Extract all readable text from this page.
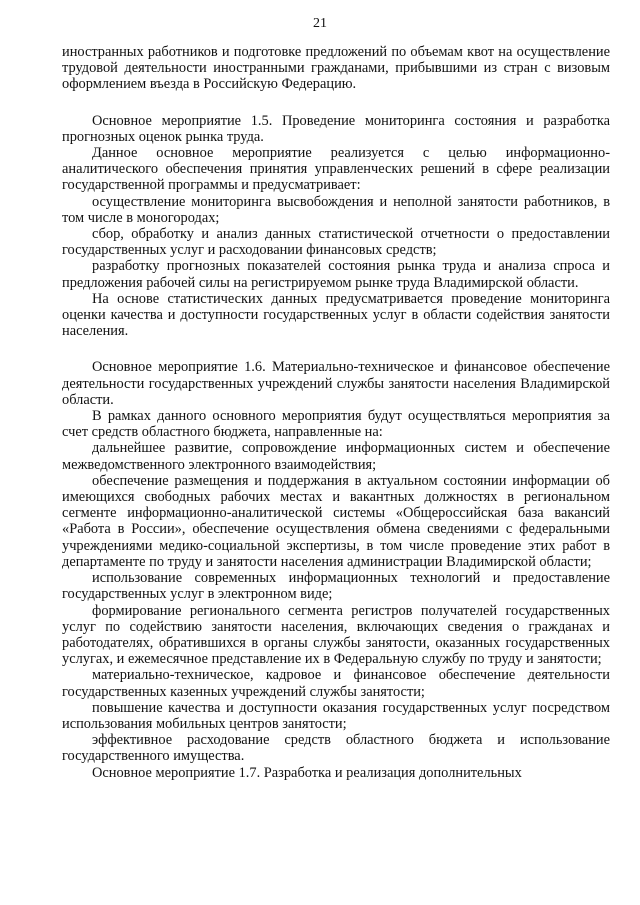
21

иностранных работников и подготовке предложений по объемам квот на осуществление трудовой деятельности иностранными гражданами, прибывшими из стран с визовым оформлением въезда в Российскую Федерацию.

Основное мероприятие 1.5. Проведение мониторинга состояния и разработка прогнозных оценок рынка труда.

Данное основное мероприятие реализуется с целью информационно-аналитического обеспечения принятия управленческих решений в сфере реализации государственной программы и предусматривает:

осуществление мониторинга высвобождения и неполной занятости работников, в том числе в моногородах;

сбор, обработку и анализ данных статистической отчетности о предоставлении государственных услуг и расходовании финансовых средств;

разработку прогнозных показателей состояния рынка труда и анализа спроса и предложения рабочей силы на регистрируемом рынке труда Владимирской области.

На основе статистических данных предусматривается проведение мониторинга оценки качества и доступности государственных услуг в области содействия занятости населения.

Основное мероприятие 1.6. Материально-техническое и финансовое обеспечение деятельности государственных учреждений службы занятости населения Владимирской области.

В рамках данного основного мероприятия будут осуществляться мероприятия за счет средств областного бюджета, направленные на:

дальнейшее развитие, сопровождение информационных систем и обеспечение межведомственного электронного взаимодействия;

обеспечение размещения и поддержания в актуальном состоянии информации об имеющихся свободных рабочих местах и вакантных должностях в региональном сегменте информационно-аналитической системы «Общероссийская база вакансий «Работа в России», обеспечение осуществления обмена сведениями с федеральными учреждениями медико-социальной экспертизы, в том числе проведение этих работ в департаменте по труду и занятости населения администрации Владимирской области;

использование современных информационных технологий и предоставление государственных услуг в электронном виде;

формирование регионального сегмента регистров получателей государственных услуг по содействию занятости населения, включающих сведения о гражданах и работодателях, обратившихся в органы службы занятости, оказанных государственных услугах, и ежемесячное представление их в Федеральную службу по труду и занятости;

материально-техническое, кадровое и финансовое обеспечение деятельности государственных казенных учреждений службы занятости;

повышение качества и доступности оказания государственных услуг посредством использования мобильных центров занятости;

эффективное расходование средств областного бюджета и использование государственного имущества.

Основное мероприятие 1.7. Разработка и реализация дополнительных
